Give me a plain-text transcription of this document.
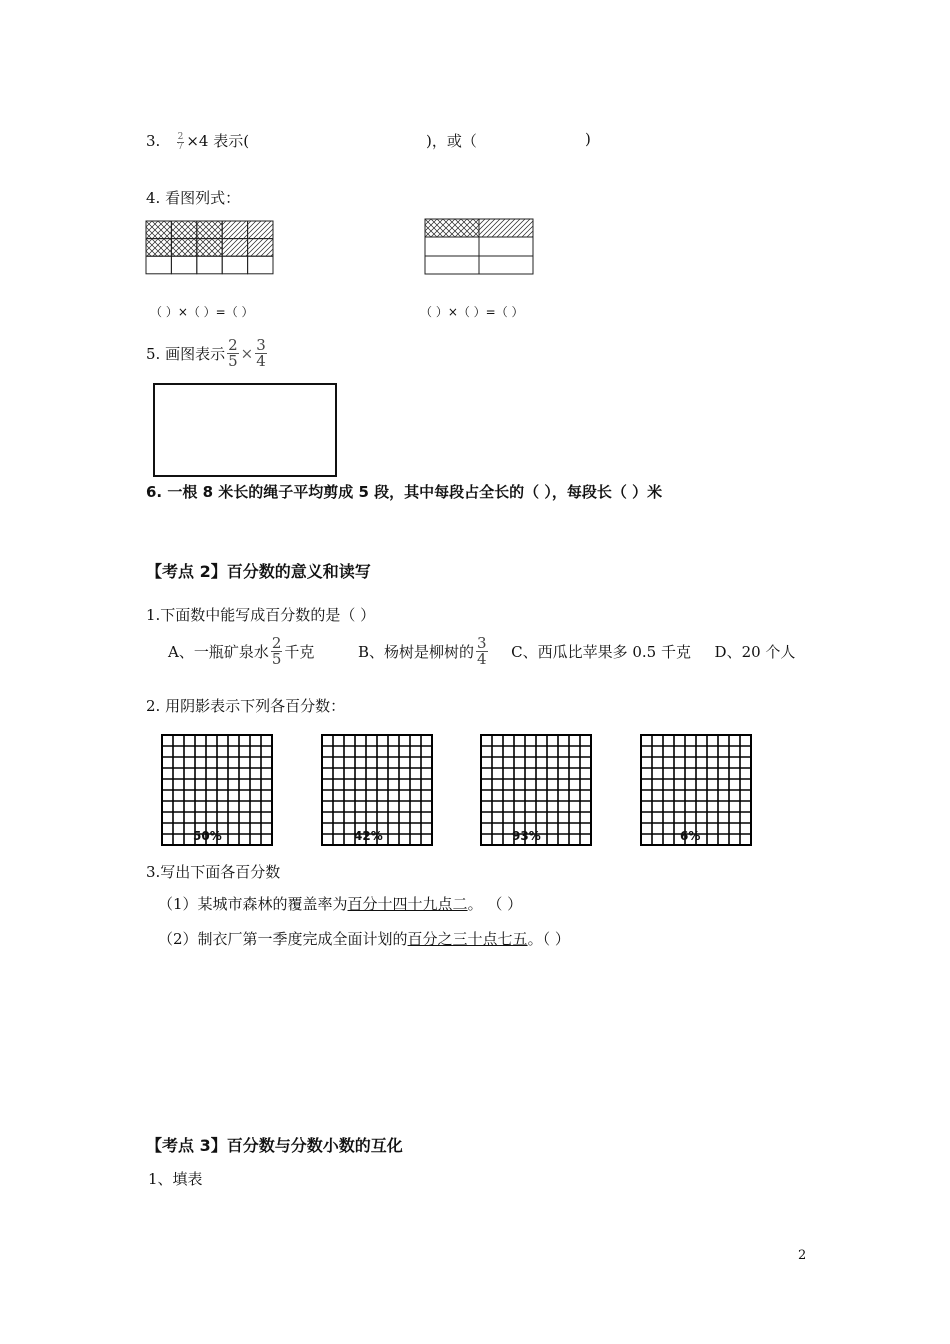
3. $\frac{2}{7} \times 4$ 表示(	)，或（	)
4. 看图列式：
（ ）×（ ）=（ ）	（ ）×（ ）=（ ）
5. 画图表示 $\frac{2}{5} \times \frac{3}{4}$
6. 一根 8 米长的绳子平均剪成 5 段，其中每段占全长的（ ），每段长（ ）米
【考点 2】百分数的意义和读写
1.下面数中能写成百分数的是（ ）
A、一瓶矿泉水 $\frac{2}{5}$ 千克	B、杨树是柳树的 $\frac{3}{4}$ C、西瓜比苹果多 0.5 千克 D、20 个人
2. 用阴影表示下列各百分数：
50%	42%	93%	6%
3.写出下面各百分数
（1）某城市森林的覆盖率为百分十四十九点二。 （ ）
（2）制衣厂第一季度完成全面计划的百分之三十点七五。（ ）
【考点 3】百分数与分数小数的互化
1、填表
2
